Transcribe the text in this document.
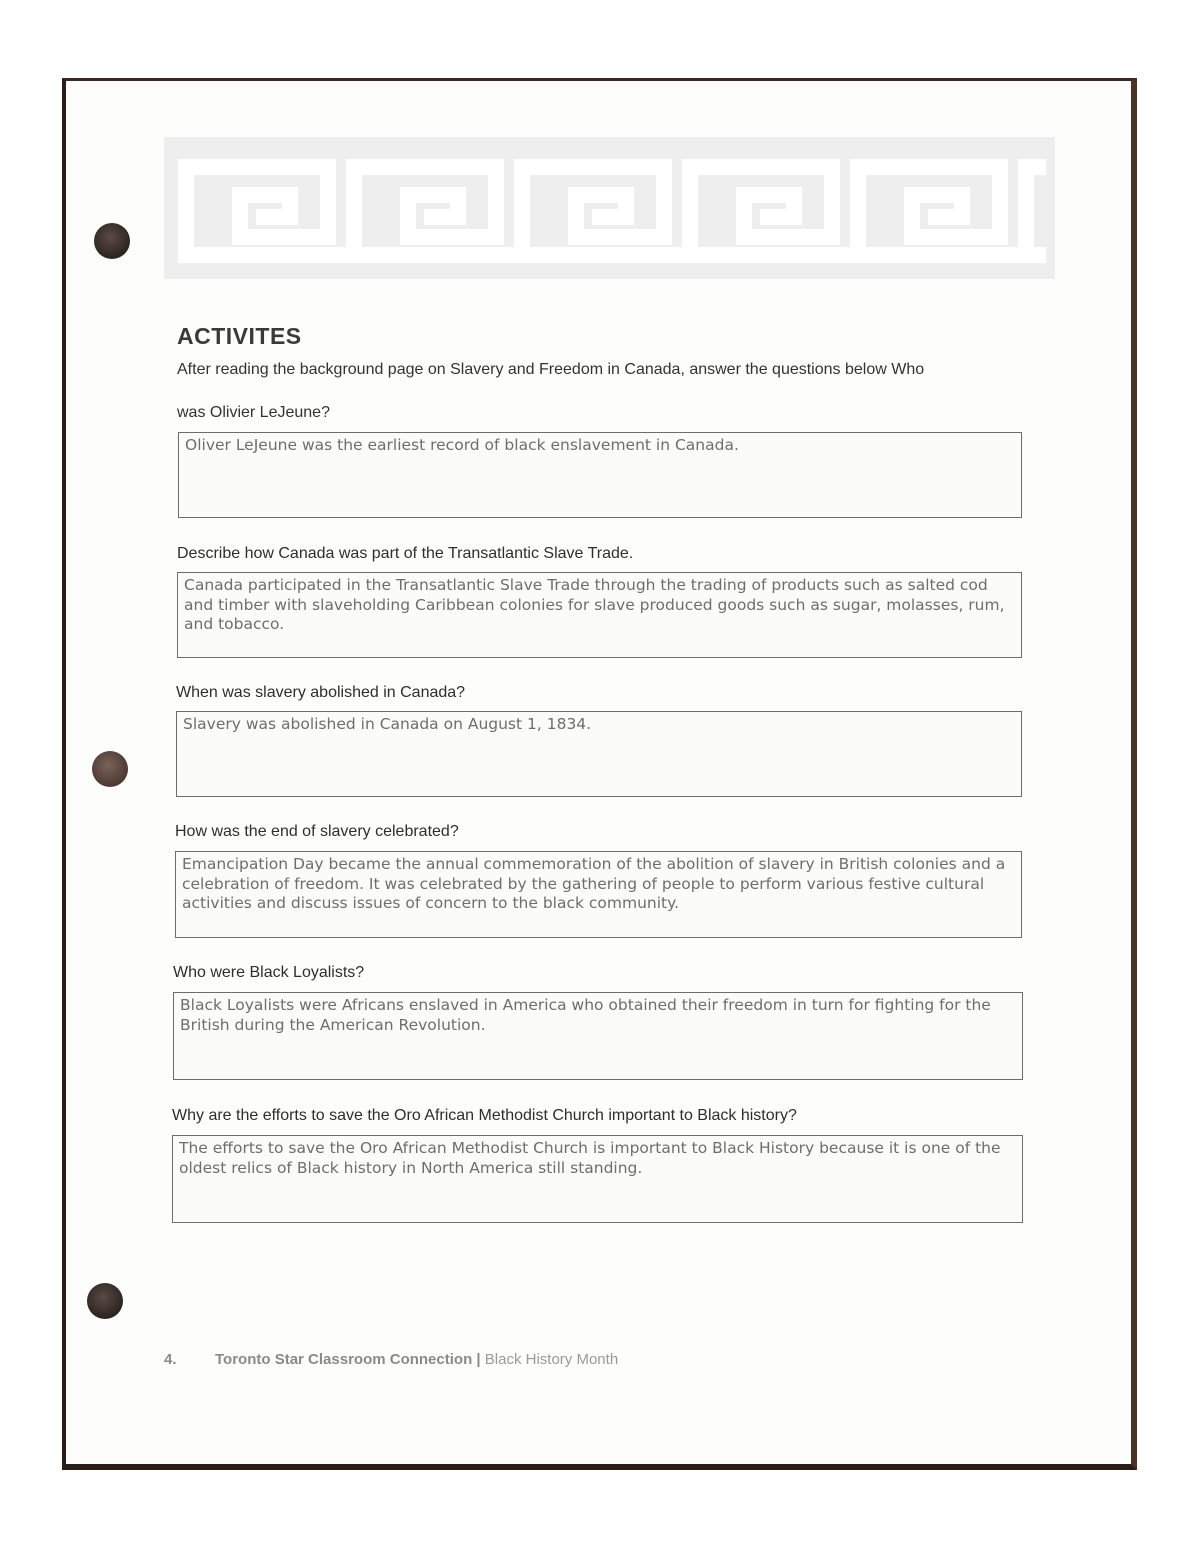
ACTIVITES
After reading the background page on Slavery and Freedom in Canada, answer the questions below Who
was Olivier LeJeune?
Oliver LeJeune was the earliest record of black enslavement in Canada.
Describe how Canada was part of the Transatlantic Slave Trade.
Canada participated in the Transatlantic Slave Trade through the trading of products such as salted cod and timber with slaveholding Caribbean colonies for slave produced goods such as sugar, molasses, rum, and tobacco.
When was slavery abolished in Canada?
Slavery was abolished in Canada on August 1, 1834.
How was the end of slavery celebrated?
Emancipation Day became the annual commemoration of the abolition of slavery in British colonies and a celebration of freedom. It was celebrated by the gathering of people to perform various festive cultural activities and discuss issues of concern to the black community.
Who were Black Loyalists?
Black Loyalists were Africans enslaved in America who obtained their freedom in turn for fighting for the British during the American Revolution.
Why are the efforts to save the Oro African Methodist Church important to Black history?
The efforts to save the Oro African Methodist Church is important to Black History because it is one of the oldest relics of Black history in North America still standing.
4.	Toronto Star Classroom Connection | Black History Month
